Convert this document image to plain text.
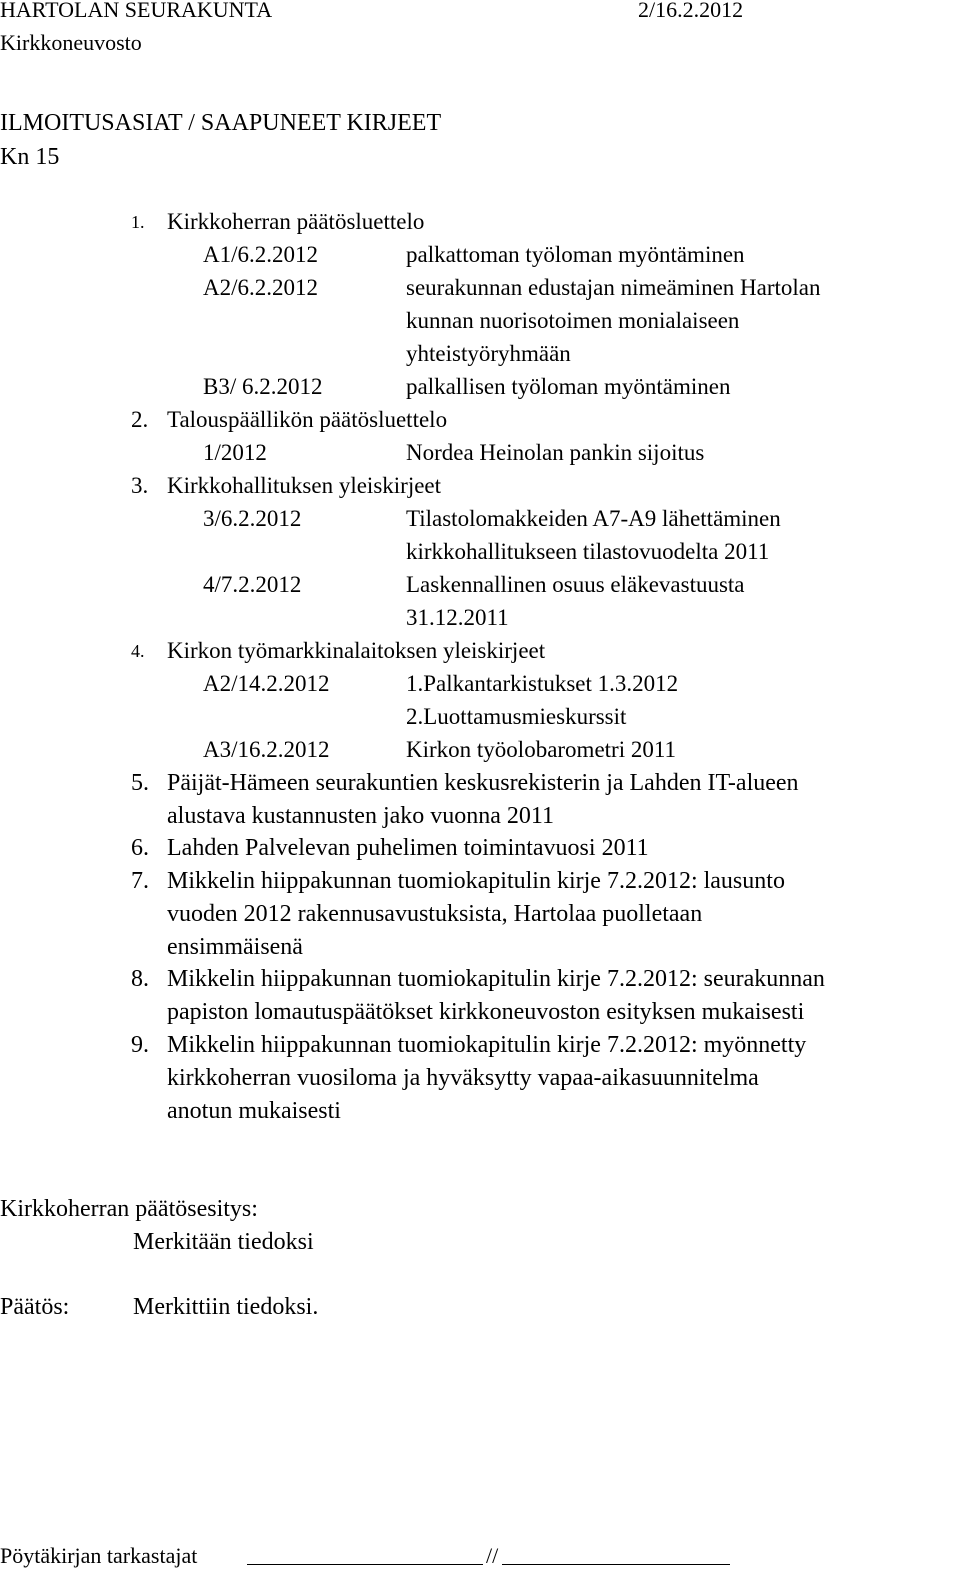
HARTOLAN SEURAKUNTA	2/16.2.2012
Kirkkoneuvosto
ILMOITUSASIAT / SAAPUNEET KIRJEET
Kn 15
1. Kirkkoherran päätösluettelo
A1/6.2.2012	palkattoman työloman myöntäminen
A2/6.2.2012	seurakunnan edustajan nimeäminen Hartolan
kunnan nuorisotoimen monialaiseen
yhteistyöryhmään
B3/ 6.2.2012	palkallisen työloman myöntäminen
2. Talouspäällikön päätösluettelo
1/2012	Nordea Heinolan pankin sijoitus
3. Kirkkohallituksen yleiskirjeet
3/6.2.2012	Tilastolomakkeiden A7-A9 lähettäminen
kirkkohallitukseen tilastovuodelta 2011
4/7.2.2012	Laskennallinen osuus eläkevastuusta
31.12.2011
4. Kirkon työmarkkinalaitoksen yleiskirjeet
A2/14.2.2012	1.Palkantarkistukset 1.3.2012
2.Luottamusmieskurssit
A3/16.2.2012	Kirkon työolobarometri 2011
5. Päijät-Hämeen seurakuntien keskusrekisterin ja Lahden IT-alueen
alustava kustannusten jako vuonna 2011
6. Lahden Palvelevan puhelimen toimintavuosi 2011
7. Mikkelin hiippakunnan tuomiokapitulin kirje 7.2.2012: lausunto
vuoden 2012 rakennusavustuksista, Hartolaa puolletaan
ensimmäisenä
8. Mikkelin hiippakunnan tuomiokapitulin kirje 7.2.2012: seurakunnan
papiston lomautuspäätökset kirkkoneuvoston esityksen mukaisesti
9. Mikkelin hiippakunnan tuomiokapitulin kirje 7.2.2012: myönnetty
kirkkoherran vuosiloma ja hyväksytty vapaa-aikasuunnitelma
anotun mukaisesti
Kirkkoherran päätösesitys:
Merkitään tiedoksi
Päätös:	Merkittiin tiedoksi.
Pöytäkirjan tarkastajat	//
